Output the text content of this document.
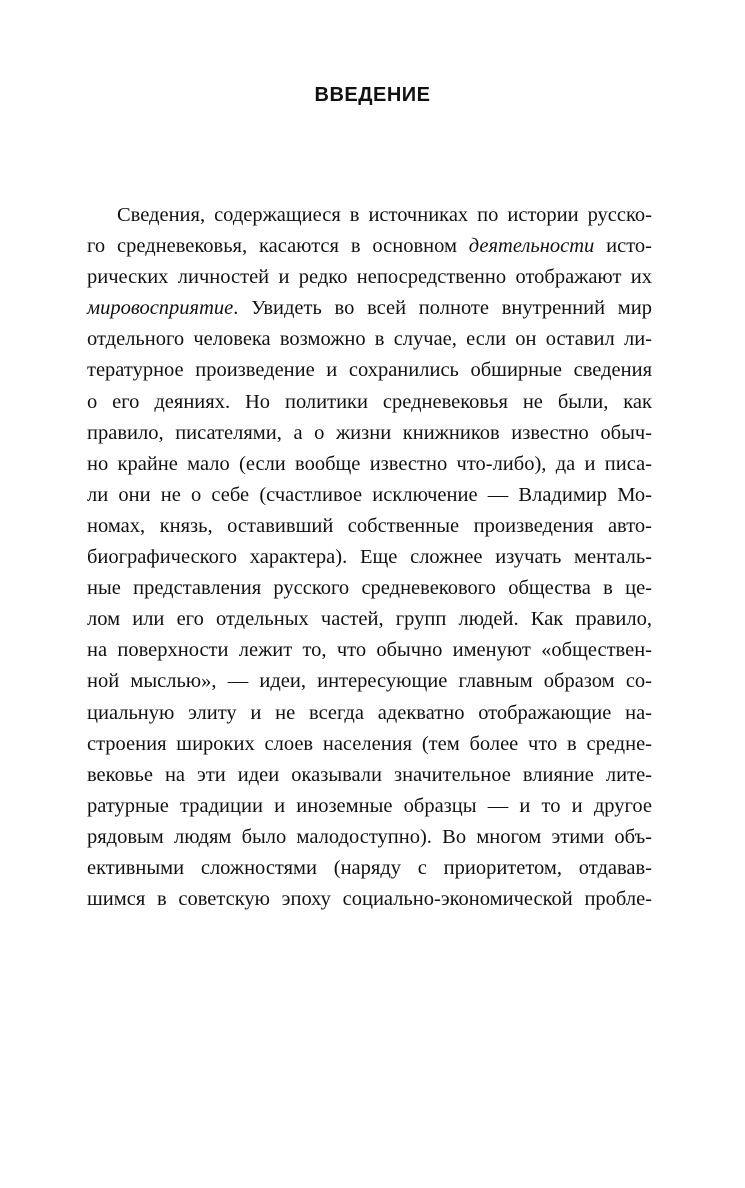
ВВЕДЕНИЕ
Сведения, содержащиеся в источниках по истории русско-
го средневековья, касаются в основном деятельности исто-
рических личностей и редко непосредственно отображают их
мировосприятие. Увидеть во всей полноте внутренний мир
отдельного человека возможно в случае, если он оставил ли-
тературное произведение и сохранились обширные сведения
о его деяниях. Но политики средневековья не были, как
правило, писателями, а о жизни книжников известно обыч-
но крайне мало (если вообще известно что-либо), да и писа-
ли они не о себе (счастливое исключение — Владимир Мо-
номах, князь, оставивший собственные произведения авто-
биографического характера). Еще сложнее изучать менталь-
ные представления русского средневекового общества в це-
лом или его отдельных частей, групп людей. Как правило,
на поверхности лежит то, что обычно именуют «обществен-
ной мыслью», — идеи, интересующие главным образом со-
циальную элиту и не всегда адекватно отображающие на-
строения широких слоев населения (тем более что в средне-
вековье на эти идеи оказывали значительное влияние лите-
ратурные традиции и иноземные образцы — и то и другое
рядовым людям было малодоступно). Во многом этими объ-
ективными сложностями (наряду с приоритетом, отдавав-
шимся в советскую эпоху социально-экономической пробле-
